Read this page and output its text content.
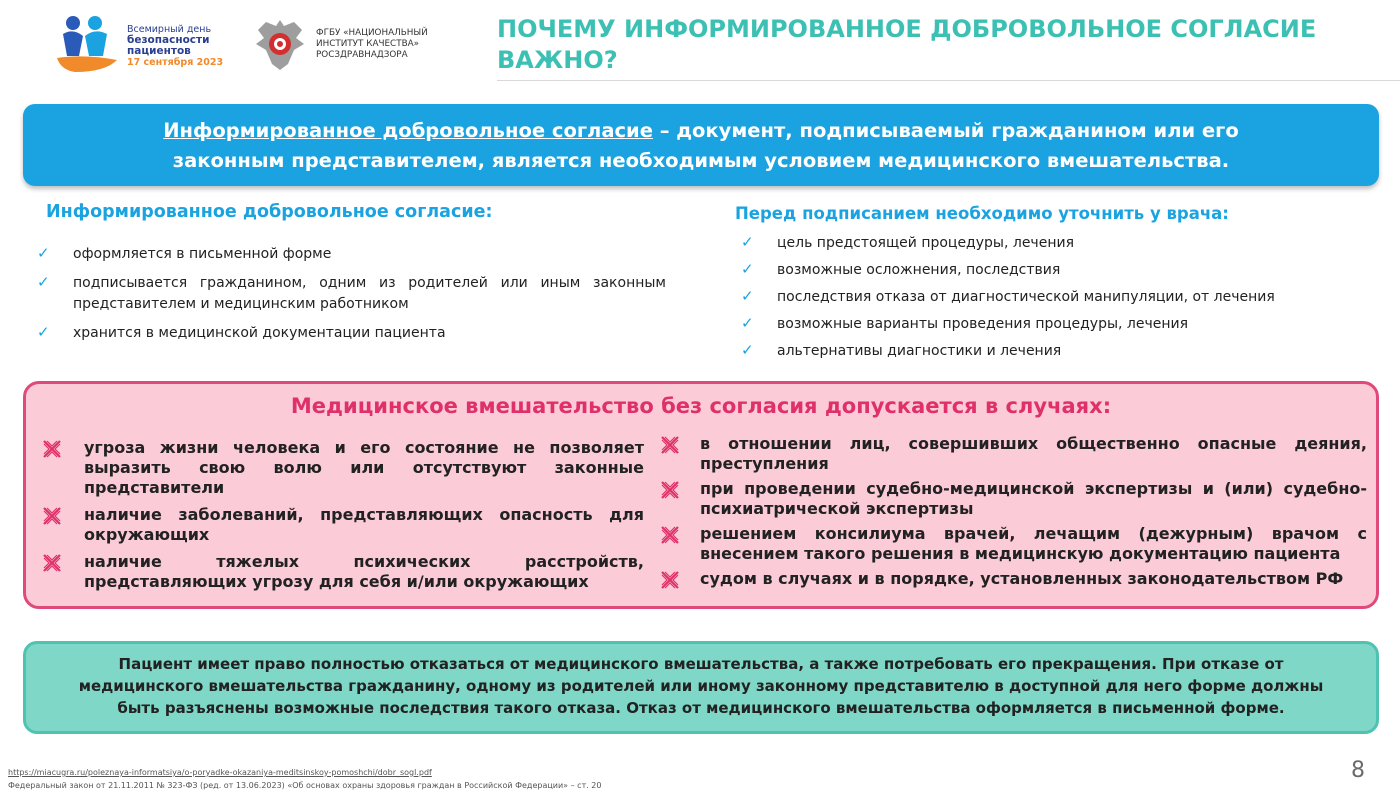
Всемирный день
безопасности
пациентов
17 сентября 2023
ФГБУ «НАЦИОНАЛЬНЫЙ
ИНСТИТУТ КАЧЕСТВА»
РОСЗДРАВНАДЗОРА
ПОЧЕМУ ИНФОРМИРОВАННОЕ ДОБРОВОЛЬНОЕ СОГЛАСИЕ
ВАЖНО?
Информированное добровольное согласие – документ, подписываемый гражданином или его
законным представителем, является необходимым условием медицинского вмешательства.
Информированное добровольное согласие:
✓ оформляется в письменной форме
✓ подписывается гражданином, одним из родителей или иным законным представителем и медицинским работником
✓ хранится в медицинской документации пациента
Перед подписанием необходимо уточнить у врача:
✓ цель предстоящей процедуры, лечения
✓ возможные осложнения, последствия
✓ последствия отказа от диагностической манипуляции, от лечения
✓ возможные варианты проведения процедуры, лечения
✓ альтернативы диагностики и лечения
Медицинское вмешательство без согласия допускается в случаях:
угроза жизни человека и его состояние не позволяет выразить свою волю или отсутствуют законные представители
наличие заболеваний, представляющих опасность для окружающих
наличие тяжелых психических расстройств, представляющих угрозу для себя и/или окружающих
в отношении лиц, совершивших общественно опасные деяния, преступления
при проведении судебно-медицинской экспертизы и (или) судебно-психиатрической экспертизы
решением консилиума врачей, лечащим (дежурным) врачом с внесением такого решения в медицинскую документацию пациента
судом в случаях и в порядке, установленных законодательством РФ
Пациент имеет право полностью отказаться от медицинского вмешательства, а также потребовать его прекращения. При отказе от
медицинского вмешательства гражданину, одному из родителей или иному законному представителю в доступной для него форме должны
быть разъяснены возможные последствия такого отказа. Отказ от медицинского вмешательства оформляется в письменной форме.
https://miacugra.ru/poleznaya-informatsiya/o-poryadke-okazaniya-meditsinskoy-pomoshchi/dobr_sogl.pdf
Федеральный закон от 21.11.2011 № 323-ФЗ (ред. от 13.06.2023) «Об основах охраны здоровья граждан в Российской Федерации» – ст. 20
8
